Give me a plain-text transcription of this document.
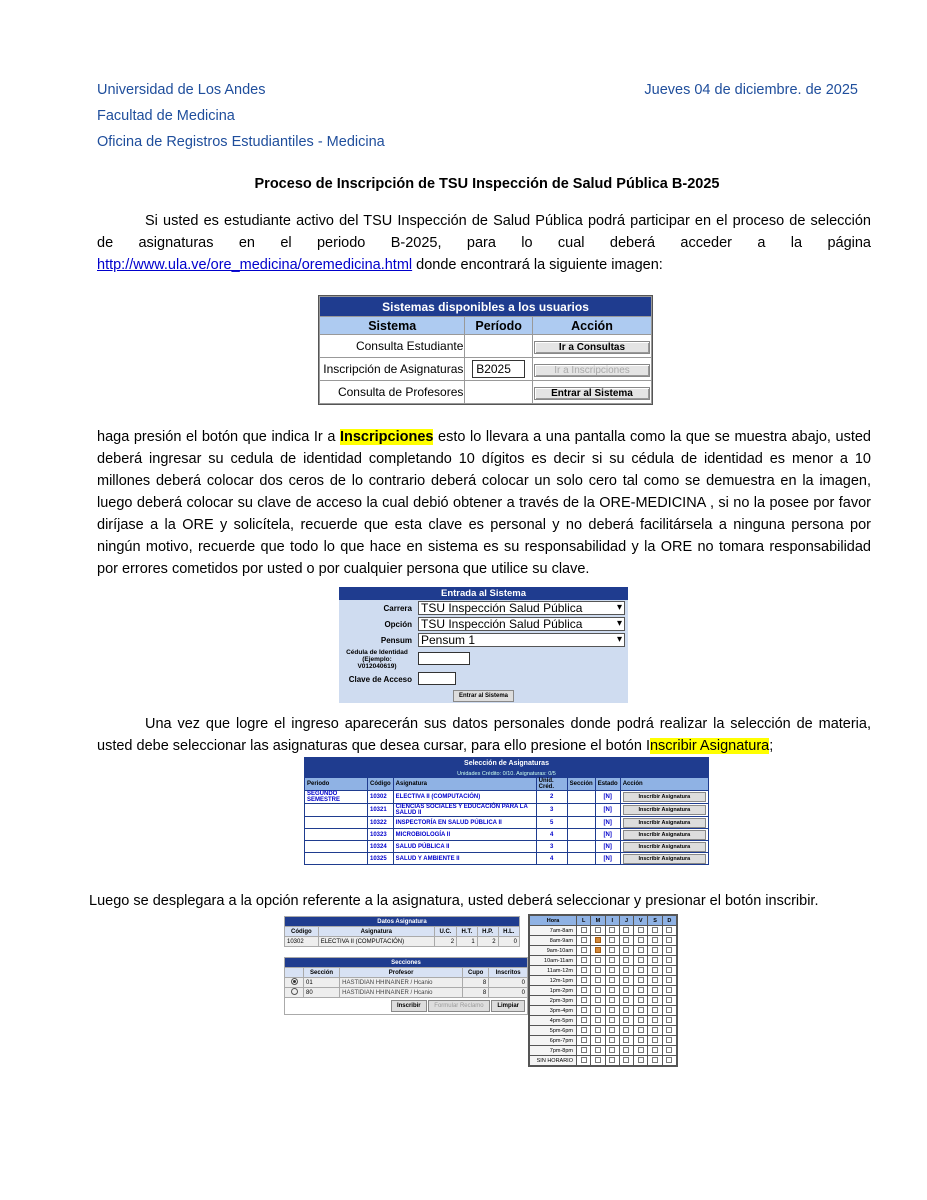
Universidad de Los Andes
Facultad de Medicina
Oficina de Registros Estudiantiles - Medicina
Jueves 04 de diciembre. de 2025
Proceso de Inscripción de TSU Inspección de Salud Pública B-2025
Si usted es estudiante activo del TSU Inspección de Salud Pública podrá participar en el proceso de selección de asignaturas en el periodo B-2025, para lo cual deberá acceder a la página http://www.ula.ve/ore_medicina/oremedicina.html donde encontrará la siguiente imagen:
Sistemas disponibles a los usuarios		
Sistema	Período	Acción
Consulta Estudiante		Ir a Consultas
Inscripción de Asignaturas	B2025	Ir a Inscripciones
Consulta de Profesores		Entrar al Sistema
haga presión el botón que indica Ir a Inscripciones esto lo llevara a una pantalla como la que se muestra abajo, usted deberá ingresar su cedula de identidad completando 10 dígitos es decir si su cédula de identidad es menor a 10 millones deberá colocar dos ceros de lo contrario deberá colocar un solo cero tal como se demuestra en la imagen, luego deberá colocar su clave de acceso la cual debió obtener a través de la ORE-MEDICINA , si no la posee por favor diríjase a la ORE y solicítela, recuerde que esta clave es personal y no deberá facilitársela a ninguna persona por ningún motivo, recuerde que todo lo que hace en sistema es su responsabilidad y la ORE no tomara responsabilidad por errores cometidos por usted o por cualquier persona que utilice su clave.
Entrada al Sistema	
Carrera	TSU Inspección Salud Pública ▾

Opción	TSU Inspección Salud Pública ▾

Pensum	Pensum 1 ▾

Cédula de Identidad (Ejemplo: V012040619)	
Clave de Acceso	
Entrar al Sistema	
Una vez que logre el ingreso aparecerán sus datos personales donde podrá realizar la selección de materia, usted debe seleccionar las asignaturas que desea cursar, para ello presione el botón Inscribir Asignatura;
Selección de Asignaturas						
Unidades Crédito: 0/10. Asignaturas: 0/5						
Periodo	Código	Asignatura	Unid. Créd.	Sección	Estado	Acción
SEGUNDO SEMESTRE	10302	ELECTIVA II (COMPUTACIÓN)	2		[N]	Inscribir Asignatura

	10321	CIENCIAS SOCIALES Y EDUCACIÓN PARA LA SALUD II	3		[N]	Inscribir Asignatura

	10322	INSPECTORÍA EN SALUD PÚBLICA II	5		[N]	Inscribir Asignatura

	10323	MICROBIOLOGÍA II	4		[N]	Inscribir Asignatura

	10324	SALUD PÚBLICA II	3		[N]	Inscribir Asignatura

	10325	SALUD Y AMBIENTE II	4		[N]	Inscribir Asignatura
Luego se desplegara a la opción referente a la asignatura, usted deberá seleccionar y presionar el botón inscribir.
Datos Asignatura					
Código	Asignatura	U.C.	H.T.	H.P.	H.L.
10302	ELECTIVA II (COMPUTACIÓN)	2	1	2	0
Secciones				
	Sección	Profesor	Cupo	Inscritos
	01	HASTIDIAN HHINAINER / Hcanio	8	0
	80	HASTIDIAN HHINAINER / Hcanio	8	0
Inscribir Formular Reclamo Limpiar				
Hora	L	M	I	J	V	S	D
7am-8am							
8am-9am							
9am-10am							
10am-11am							
11am-12m							
12m-1pm							
1pm-2pm							
2pm-3pm							
3pm-4pm							
4pm-5pm							
5pm-6pm							
6pm-7pm							
7pm-8pm							
SIN HORARIO							
